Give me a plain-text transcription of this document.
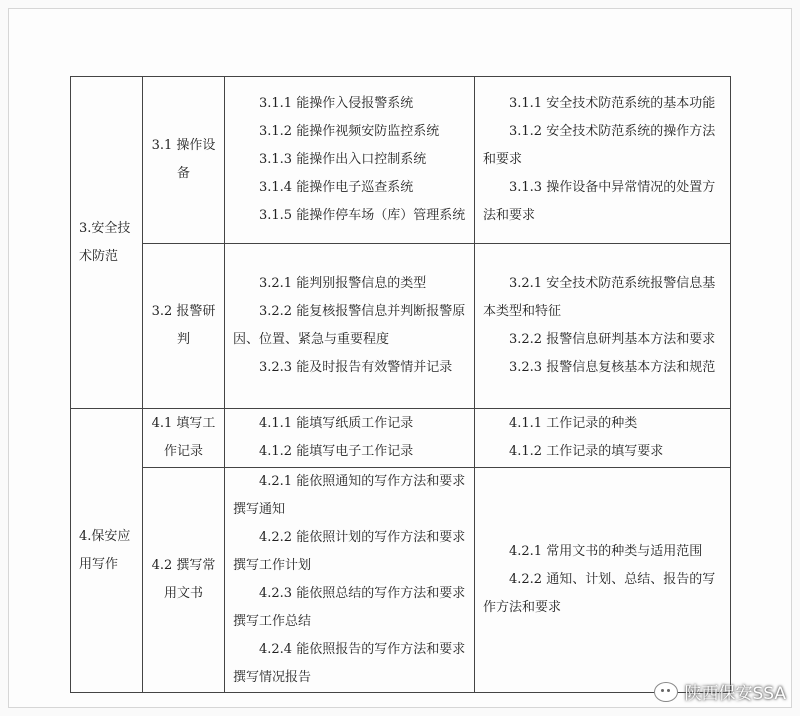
3.安全技术防范	3.1 操作设备	3.1.1 能操作入侵报警系统
3.1.2 能操作视频安防监控系统
3.1.3 能操作出入口控制系统
3.1.4 能操作电子巡查系统
3.1.5 能操作停车场（库）管理系统	3.1.1 安全技术防范系统的基本功能
3.1.2 安全技术防范系统的操作方法和要求
3.1.3 操作设备中异常情况的处置方法和要求

	3.2 报警研判	3.2.1 能判别报警信息的类型
3.2.2 能复核报警信息并判断报警原因、位置、紧急与重要程度
3.2.3 能及时报告有效警情并记录	3.2.1 安全技术防范系统报警信息基本类型和特征
3.2.2 报警信息研判基本方法和要求
3.2.3 报警信息复核基本方法和规范

4.保安应用写作	4.1 填写工作记录	4.1.1 能填写纸质工作记录
4.1.2 能填写电子工作记录	4.1.1 工作记录的种类
4.1.2 工作记录的填写要求

	4.2 撰写常用文书	4.2.1 能依照通知的写作方法和要求撰写通知
4.2.2 能依照计划的写作方法和要求撰写工作计划
4.2.3 能依照总结的写作方法和要求撰写工作总结
4.2.4 能依照报告的写作方法和要求撰写情况报告	4.2.1 常用文书的种类与适用范围
4.2.2 通知、计划、总结、报告的写作方法和要求
陕西保安SSA
